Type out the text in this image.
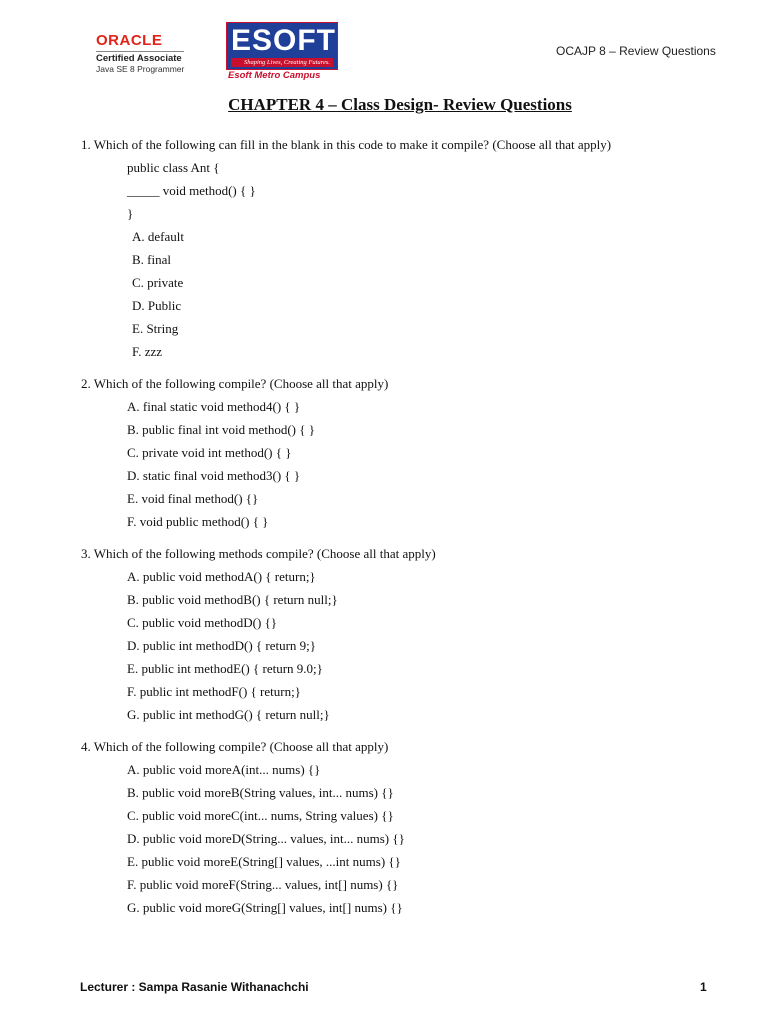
ORACLE
Certified Associate
Java SE 8 Programmer
ESOFT
Shaping Lives, Creating Futures.
Esoft Metro Campus
OCAJP 8 – Review Questions
CHAPTER 4 – Class Design- Review Questions
1. Which of the following can fill in the blank in this code to make it compile? (Choose all that apply)
public class Ant {
_____ void method() { }
}
A. default
B. final
C. private
D. Public
E. String
F. zzz
2. Which of the following compile? (Choose all that apply)
A. final static void method4() { }
B. public final int void method() { }
C. private void int method() { }
D. static final void method3() { }
E. void final method() {}
F. void public method() { }
3. Which of the following methods compile? (Choose all that apply)
A. public void methodA() { return;}
B. public void methodB() { return null;}
C. public void methodD() {}
D. public int methodD() { return 9;}
E. public int methodE() { return 9.0;}
F. public int methodF() { return;}
G. public int methodG() { return null;}
4. Which of the following compile? (Choose all that apply)
A. public void moreA(int... nums) {}
B. public void moreB(String values, int... nums) {}
C. public void moreC(int... nums, String values) {}
D. public void moreD(String... values, int... nums) {}
E. public void moreE(String[] values, ...int nums) {}
F. public void moreF(String... values, int[] nums) {}
G. public void moreG(String[] values, int[] nums) {}
Lecturer : Sampa Rasanie Withanachchi	1
